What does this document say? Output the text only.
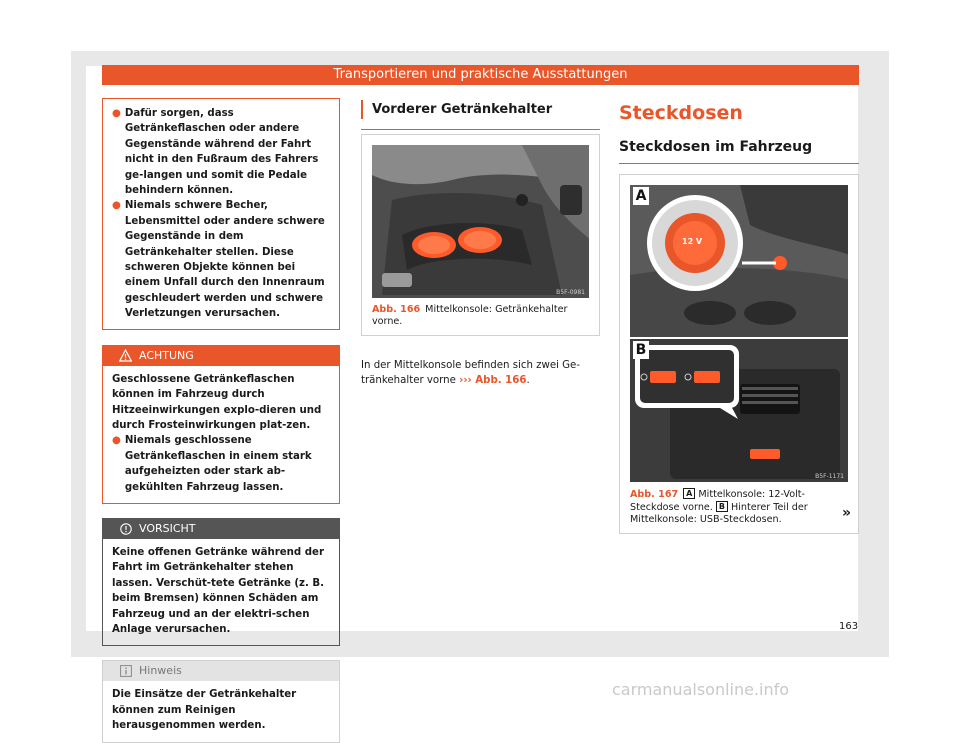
Transportieren und praktische Ausstattungen
● Dafür sorgen, dass Getränkeflaschen oder andere Gegenstände während der Fahrt nicht in den Fußraum des Fahrers ge-langen und somit die Pedale behindern können.

● Niemals schwere Becher, Lebensmittel oder andere schwere Gegenstände in dem Getränkehalter stellen. Diese schweren Objekte können bei einem Unfall durch den Innenraum geschleudert werden und schwere Verletzungen verursachen.

ACHTUNG

Geschlossene Getränkeflaschen können im Fahrzeug durch Hitzeeinwirkungen explo-dieren und durch Frosteinwirkungen plat-zen.

● Niemals geschlossene Getränkeflaschen in einem stark aufgeheizten oder stark ab-gekühlten Fahrzeug lassen.

VORSICHT

Keine offenen Getränke während der Fahrt im Getränkehalter stehen lassen. Verschüt-tete Getränke (z. B. beim Bremsen) können Schäden am Fahrzeug und an der elektri-schen Anlage verursachen.

Hinweis

Die Einsätze der Getränkehalter können zum Reinigen herausgenommen werden.

Vorderer Getränkehalter
B5F-0981
Abb. 166 Mittelkonsole: Getränkehalter vorne.
In der Mittelkonsole befinden sich zwei Ge-tränkehalter vorne ››› Abb. 166.
Steckdosen
Steckdosen im Fahrzeug
A
12 V
B
B5F-1171
Abb. 167 A Mittelkonsole: 12-Volt-Steckdose vorne. B Hinterer Teil der Mittelkonsole: USB-Steckdosen.	»
163
carmanualsonline.info
